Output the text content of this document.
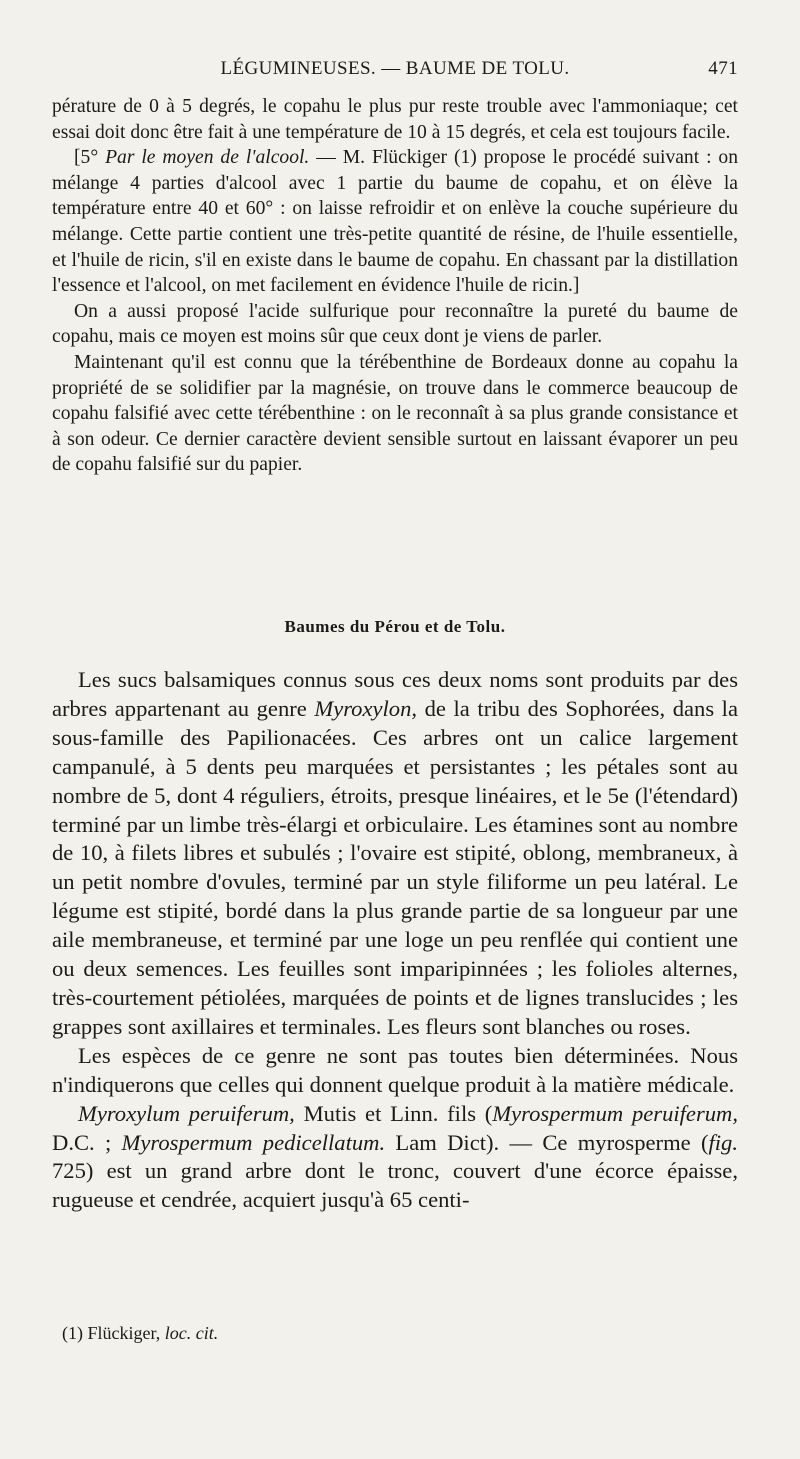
LÉGUMINEUSES. — BAUME DE TOLU.	471

pérature de 0 à 5 degrés, le copahu le plus pur reste trouble avec l'ammoniaque; cet essai doit donc être fait à une température de 10 à 15 degrés, et cela est toujours facile.

[5° Par le moyen de l'alcool. — M. Flückiger (1) propose le procédé suivant : on mélange 4 parties d'alcool avec 1 partie du baume de copahu, et on élève la température entre 40 et 60° : on laisse refroidir et on enlève la couche supérieure du mélange. Cette partie contient une très-petite quantité de résine, de l'huile essentielle, et l'huile de ricin, s'il en existe dans le baume de copahu. En chassant par la distillation l'essence et l'alcool, on met facilement en évidence l'huile de ricin.]

On a aussi proposé l'acide sulfurique pour reconnaître la pureté du baume de copahu, mais ce moyen est moins sûr que ceux dont je viens de parler.

Maintenant qu'il est connu que la térébenthine de Bordeaux donne au copahu la propriété de se solidifier par la magnésie, on trouve dans le commerce beaucoup de copahu falsifié avec cette térébenthine : on le reconnaît à sa plus grande consistance et à son odeur. Ce dernier caractère devient sensible surtout en laissant évaporer un peu de copahu falsifié sur du papier.

Baumes du Pérou et de Tolu.

Les sucs balsamiques connus sous ces deux noms sont produits par des arbres appartenant au genre Myroxylon, de la tribu des Sophorées, dans la sous-famille des Papilionacées. Ces arbres ont un calice largement campanulé, à 5 dents peu marquées et persistantes ; les pétales sont au nombre de 5, dont 4 réguliers, étroits, presque linéaires, et le 5e (l'étendard) terminé par un limbe très-élargi et orbiculaire. Les étamines sont au nombre de 10, à filets libres et subulés ; l'ovaire est stipité, oblong, membraneux, à un petit nombre d'ovules, terminé par un style filiforme un peu latéral. Le légume est stipité, bordé dans la plus grande partie de sa longueur par une aile membraneuse, et terminé par une loge un peu renflée qui contient une ou deux semences. Les feuilles sont imparipinnées ; les folioles alternes, très-courtement pétiolées, marquées de points et de lignes translucides ; les grappes sont axillaires et terminales. Les fleurs sont blanches ou roses.

Les espèces de ce genre ne sont pas toutes bien déterminées. Nous n'indiquerons que celles qui donnent quelque produit à la matière médicale.

Myroxylum peruiferum, Mutis et Linn. fils (Myrospermum peruiferum, D.C. ; Myrospermum pedicellatum. Lam Dict). — Ce myrosperme (fig. 725) est un grand arbre dont le tronc, couvert d'une écorce épaisse, rugueuse et cendrée, acquiert jusqu'à 65 centi-

(1) Flückiger, loc. cit.
